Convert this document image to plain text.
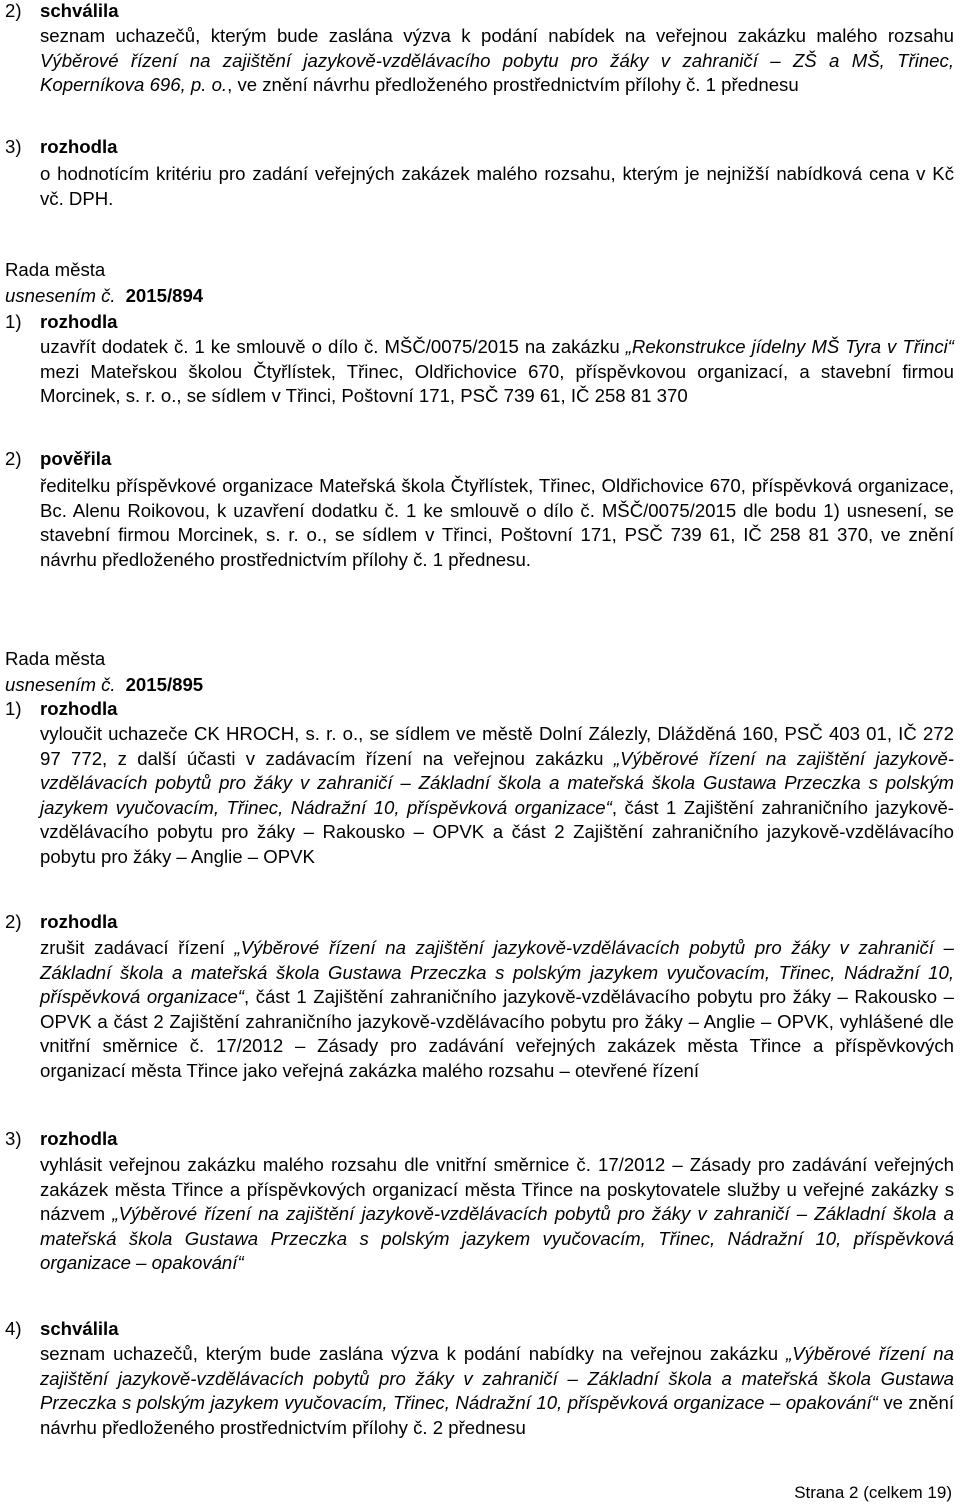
2) schválila
seznam uchazečů, kterým bude zaslána výzva k podání nabídek na veřejnou zakázku malého rozsahu Výběrové řízení na zajištění jazykově-vzdělávacího pobytu pro žáky v zahraničí – ZŠ a MŠ, Třinec, Koperníkova 696, p. o., ve znění návrhu předloženého prostřednictvím přílohy č. 1 přednesu
3) rozhodla
o hodnotícím kritériu pro zadání veřejných zakázek malého rozsahu, kterým je nejnižší nabídková cena v Kč vč. DPH.
Rada města
usnesením č. 2015/894
1) rozhodla
uzavřít dodatek č. 1 ke smlouvě o dílo č. MŠČ/0075/2015 na zakázku „Rekonstrukce jídelny MŠ Tyra v Třinci“ mezi Mateřskou školou Čtyřlístek, Třinec, Oldřichovice 670, příspěvkovou organizací, a stavební firmou Morcinek, s. r. o., se sídlem v Třinci, Poštovní 171, PSČ 739 61, IČ 258 81 370
2) pověřila
ředitelku příspěvkové organizace Mateřská škola Čtyřlístek, Třinec, Oldřichovice 670, příspěvková organizace, Bc. Alenu Roikovou, k uzavření dodatku č. 1 ke smlouvě o dílo č. MŠČ/0075/2015 dle bodu 1) usnesení, se stavební firmou Morcinek, s. r. o., se sídlem v Třinci, Poštovní 171, PSČ 739 61, IČ 258 81 370, ve znění návrhu předloženého prostřednictvím přílohy č. 1 přednesu.
Rada města
usnesením č. 2015/895
1) rozhodla
vyloučit uchazeče CK HROCH, s. r. o., se sídlem ve městě Dolní Zálezly, Dlážděná 160, PSČ 403 01, IČ 272 97 772, z další účasti v zadávacím řízení na veřejnou zakázku „Výběrové řízení na zajištění jazykově-vzdělávacích pobytů pro žáky v zahraničí – Základní škola a mateřská škola Gustawa Przeczka s polským jazykem vyučovacím, Třinec, Nádražní 10, příspěvková organizace“, část 1 Zajištění zahraničního jazykově-vzdělávacího pobytu pro žáky – Rakousko – OPVK a část 2 Zajištění zahraničního jazykově-vzdělávacího pobytu pro žáky – Anglie – OPVK
2) rozhodla
zrušit zadávací řízení „Výběrové řízení na zajištění jazykově-vzdělávacích pobytů pro žáky v zahraničí – Základní škola a mateřská škola Gustawa Przeczka s polským jazykem vyučovacím, Třinec, Nádražní 10, příspěvková organizace“, část 1 Zajištění zahraničního jazykově-vzdělávacího pobytu pro žáky – Rakousko – OPVK a část 2 Zajištění zahraničního jazykově-vzdělávacího pobytu pro žáky – Anglie – OPVK, vyhlášené dle vnitřní směrnice č. 17/2012 – Zásady pro zadávání veřejných zakázek města Třince a příspěvkových organizací města Třince jako veřejná zakázka malého rozsahu – otevřené řízení
3) rozhodla
vyhlásit veřejnou zakázku malého rozsahu dle vnitřní směrnice č. 17/2012 – Zásady pro zadávání veřejných zakázek města Třince a příspěvkových organizací města Třince na poskytovatele služby u veřejné zakázky s názvem „Výběrové řízení na zajištění jazykově-vzdělávacích pobytů pro žáky v zahraničí – Základní škola a mateřská škola Gustawa Przeczka s polským jazykem vyučovacím, Třinec, Nádražní 10, příspěvková organizace – opakování“
4) schválila
seznam uchazečů, kterým bude zaslána výzva k podání nabídky na veřejnou zakázku „Výběrové řízení na zajištění jazykově-vzdělávacích pobytů pro žáky v zahraničí – Základní škola a mateřská škola Gustawa Przeczka s polským jazykem vyučovacím, Třinec, Nádražní 10, příspěvková organizace – opakování“ ve znění návrhu předloženého prostřednictvím přílohy č. 2 přednesu
Strana 2 (celkem 19)
